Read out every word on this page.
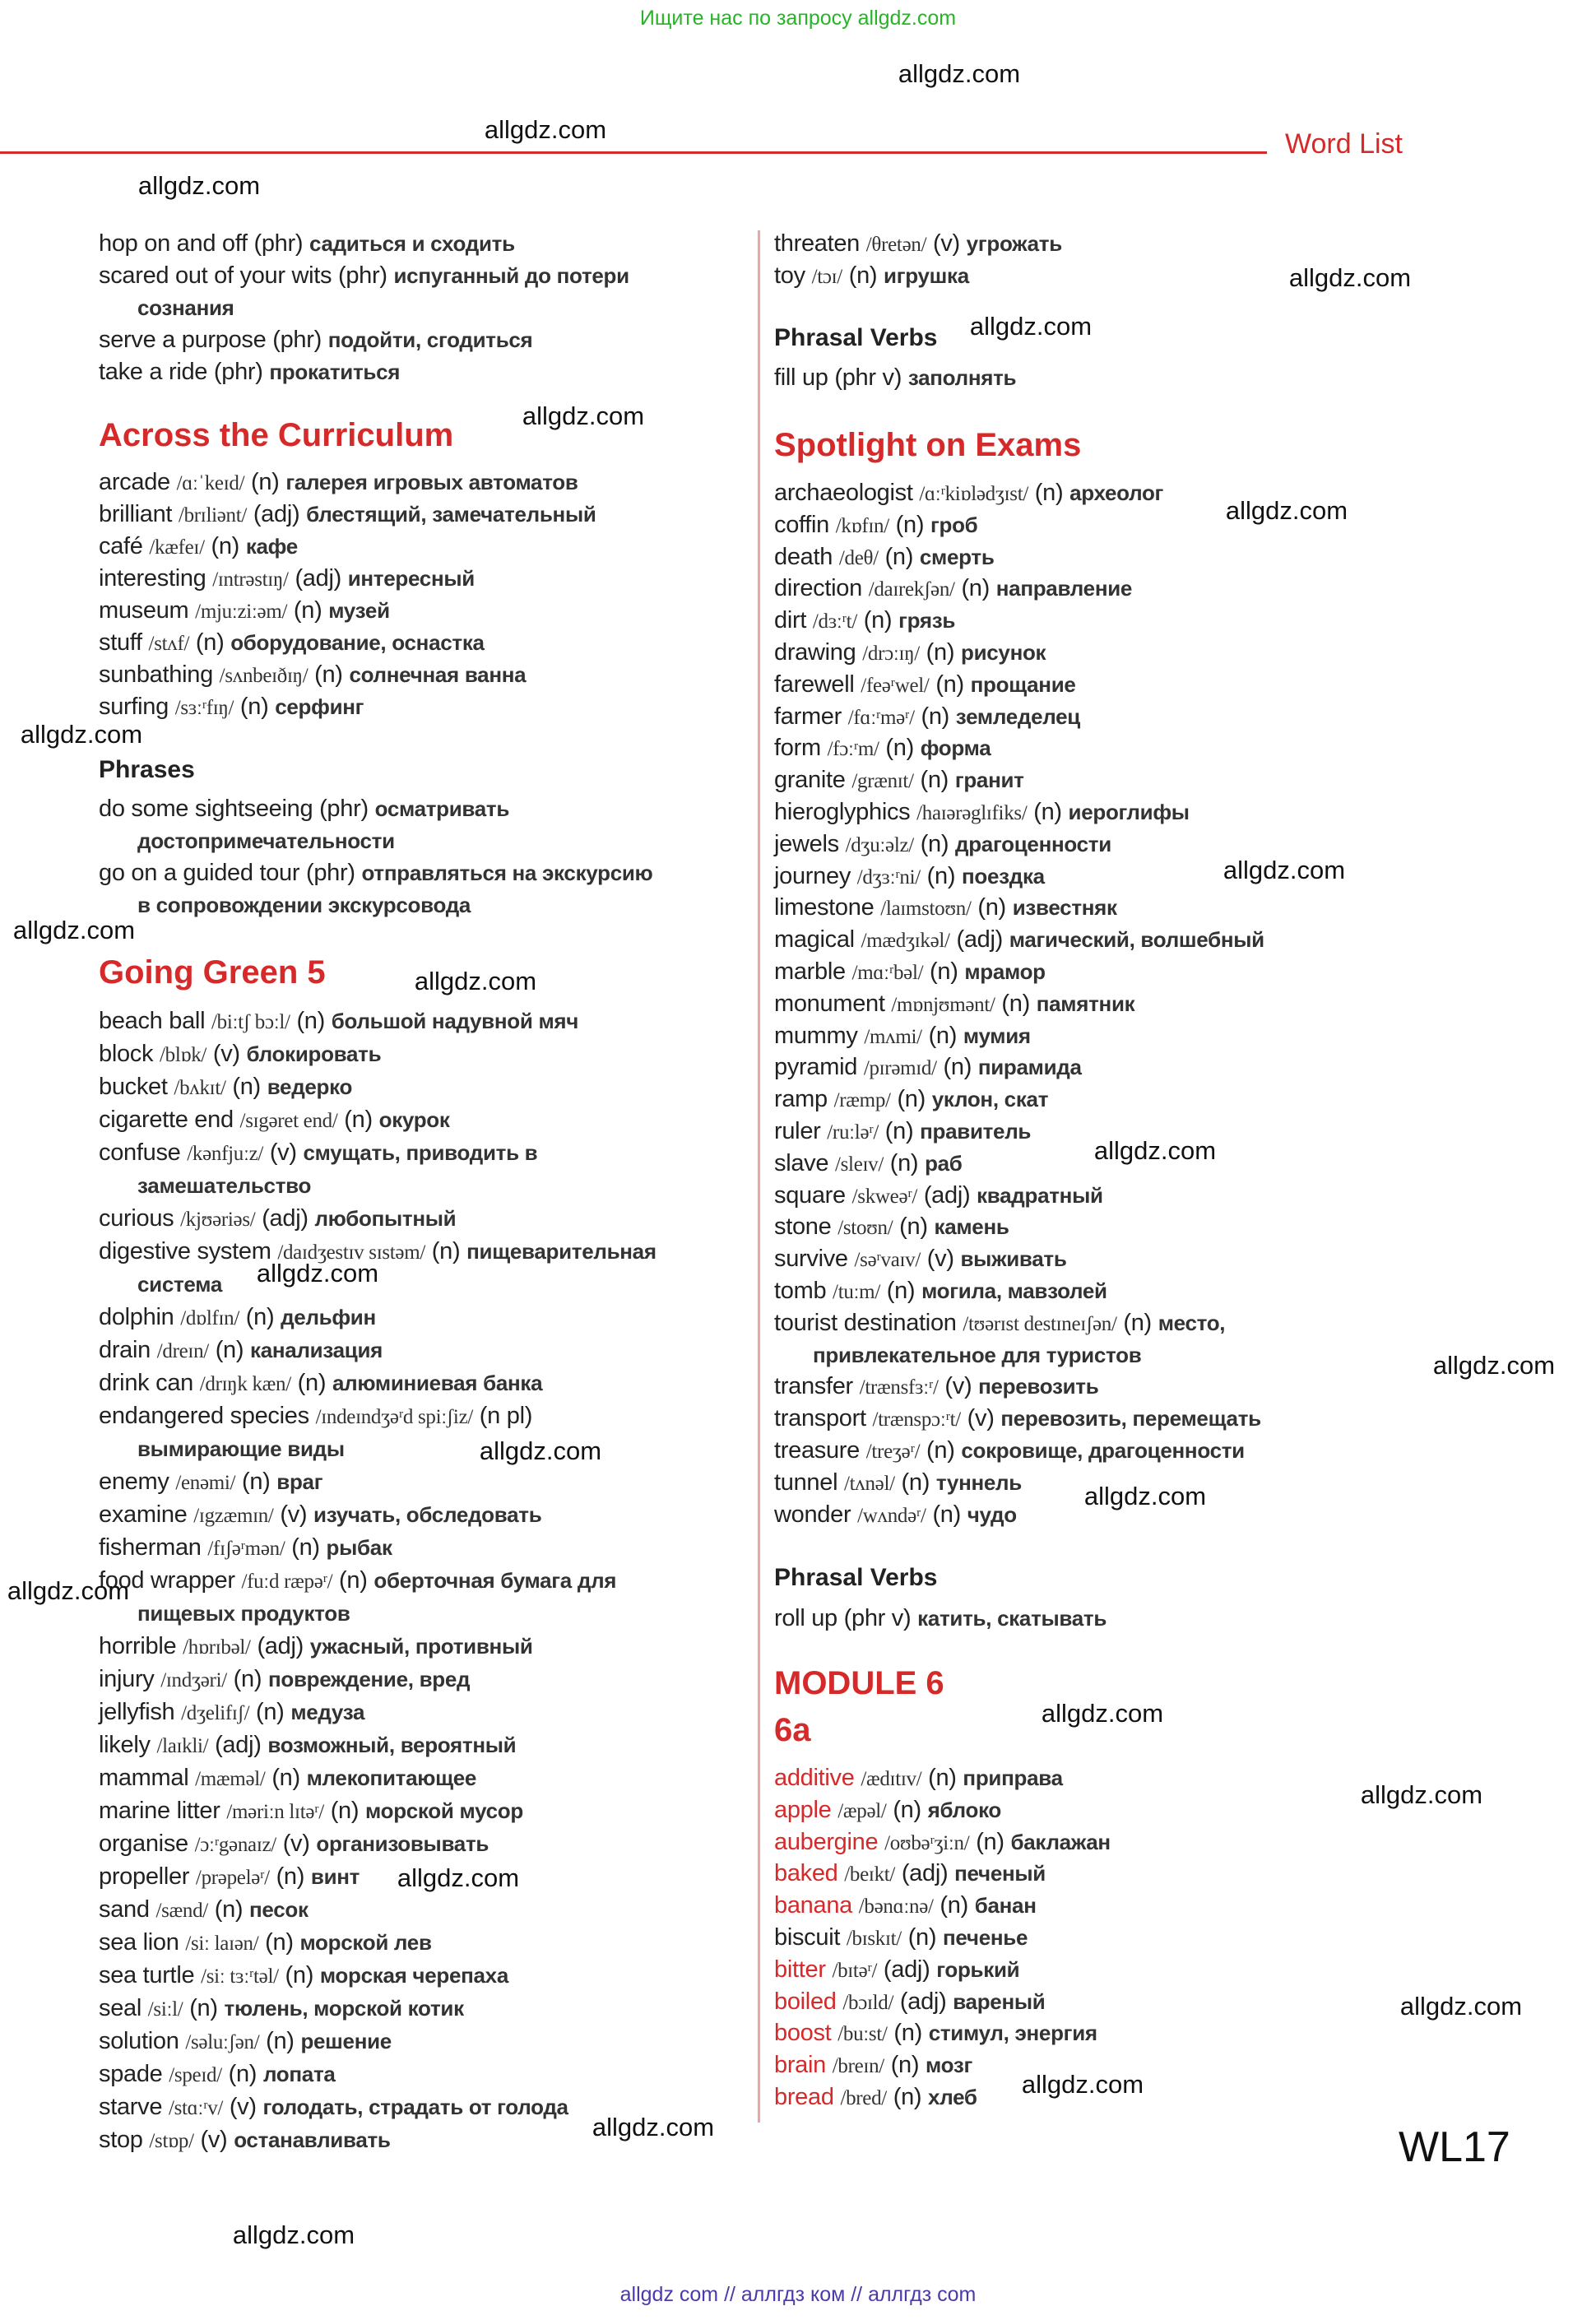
Ищите нас по запросу allgdz.com
Word List
hop on and off (phr) садиться и сходить
scared out of your wits (phr) испуганный до потери
сознания
serve a purpose (phr) подойти, сгодиться
take a ride (phr) прокатиться
Across the Curriculum
arcade /ɑːˈkeɪd/ (n) галерея игровых автоматов
brilliant /brɪliənt/ (adj) блестящий, замечательный
café /kæfeɪ/ (n) кафе
interesting /ɪntrəstɪŋ/ (adj) интересный
museum /mjuːziːəm/ (n) музей
stuff /stʌf/ (n) оборудование, оснастка
sunbathing /sʌnbeɪðɪŋ/ (n) солнечная ванна
surfing /sɜːʳfɪŋ/ (n) серфинг
Phrases
do some sightseeing (phr) осматривать
достопримечательности
go on a guided tour (phr) отправляться на экскурсию
в сопровождении экскурсовода
Going Green 5
beach ball /biːtʃ bɔːl/ (n) большой надувной мяч
block /blɒk/ (v) блокировать
bucket /bʌkɪt/ (n) ведерко
cigarette end /sɪgəret end/ (n) окурок
confuse /kənfjuːz/ (v) смущать, приводить в
замешательство
curious /kjʊəriəs/ (adj) любопытный
digestive system /daɪdʒestɪv sɪstəm/ (n) пищеварительная
система
dolphin /dɒlfɪn/ (n) дельфин
drain /dreɪn/ (n) канализация
drink can /drɪŋk kæn/ (n) алюминиевая банка
endangered species /ɪndeɪndʒəʳd spiːʃiz/ (n pl)
вымирающие виды
enemy /enəmi/ (n) враг
examine /ɪgzæmɪn/ (v) изучать, обследовать
fisherman /fɪʃəʳmən/ (n) рыбак
food wrapper /fuːd ræpəʳ/ (n) оберточная бумага для
пищевых продуктов
horrible /hɒrɪbəl/ (adj) ужасный, противный
injury /ɪndʒəri/ (n) повреждение, вред
jellyfish /dʒelifɪʃ/ (n) медуза
likely /laɪkli/ (adj) возможный, вероятный
mammal /mæməl/ (n) млекопитающее
marine litter /məriːn lɪtəʳ/ (n) морской мусор
organise /ɔːʳgənaɪz/ (v) организовывать
propeller /prəpeləʳ/ (n) винт
sand /sænd/ (n) песок
sea lion /siː laɪən/ (n) морской лев
sea turtle /siː tɜːʳtəl/ (n) морская черепаха
seal /siːl/ (n) тюлень, морской котик
solution /səluːʃən/ (n) решение
spade /speɪd/ (n) лопата
starve /stɑːʳv/ (v) голодать, страдать от голода
stop /stɒp/ (v) останавливать
threaten /θretən/ (v) угрожать
toy /tɔɪ/ (n) игрушка
Phrasal Verbs
fill up (phr v) заполнять
Spotlight on Exams
archaeologist /ɑːʳkiɒlədʒɪst/ (n) археолог
coffin /kɒfɪn/ (n) гроб
death /deθ/ (n) смерть
direction /daɪrekʃən/ (n) направление
dirt /dɜːʳt/ (n) грязь
drawing /drɔːɪŋ/ (n) рисунок
farewell /feəʳwel/ (n) прощание
farmer /fɑːʳməʳ/ (n) земледелец
form /fɔːʳm/ (n) форма
granite /grænɪt/ (n) гранит
hieroglyphics /haɪərəglɪfiks/ (n) иероглифы
jewels /dʒuːəlz/ (n) драгоценности
journey /dʒɜːʳni/ (n) поездка
limestone /laɪmstoʊn/ (n) известняк
magical /mædʒɪkəl/ (adj) магический, волшебный
marble /mɑːʳbəl/ (n) мрамор
monument /mɒnjʊmənt/ (n) памятник
mummy /mʌmi/ (n) мумия
pyramid /pɪrəmɪd/ (n) пирамида
ramp /ræmp/ (n) уклон, скат
ruler /ruːləʳ/ (n) правитель
slave /sleɪv/ (n) раб
square /skweəʳ/ (adj) квадратный
stone /stoʊn/ (n) камень
survive /səʳvaɪv/ (v) выживать
tomb /tuːm/ (n) могила, мавзолей
tourist destination /tʊərɪst destɪneɪʃən/ (n) место,
привлекательное для туристов
transfer /trænsfɜːʳ/ (v) перевозить
transport /trænspɔːʳt/ (v) перевозить, перемещать
treasure /treʒəʳ/ (n) сокровище, драгоценности
tunnel /tʌnəl/ (n) туннель
wonder /wʌndəʳ/ (n) чудо
Phrasal Verbs
roll up (phr v) катить, скатывать
MODULE 6
6a
additive /ædɪtɪv/ (n) приправа
apple /æpəl/ (n) яблоко
aubergine /oʊbəʳʒiːn/ (n) баклажан
baked /beɪkt/ (adj) печеный
banana /bənɑːnə/ (n) банан
biscuit /bɪskɪt/ (n) печенье
bitter /bɪtəʳ/ (adj) горький
boiled /bɔɪld/ (adj) вареный
boost /buːst/ (n) стимул, энергия
brain /breɪn/ (n) мозг
bread /bred/ (n) хлеб
WL17
allgdz.com
allgdz.com
allgdz.com
allgdz.com
allgdz.com
allgdz.com
allgdz.com
allgdz.com
allgdz.com
allgdz.com
allgdz.com
allgdz.com
allgdz.com
allgdz.com
allgdz.com
allgdz.com
allgdz.com
allgdz.com
allgdz.com
allgdz.com
allgdz.com
allgdz.com
allgdz.com
allgdz.com
allgdz com // аллгдз ком // аллгдз com
